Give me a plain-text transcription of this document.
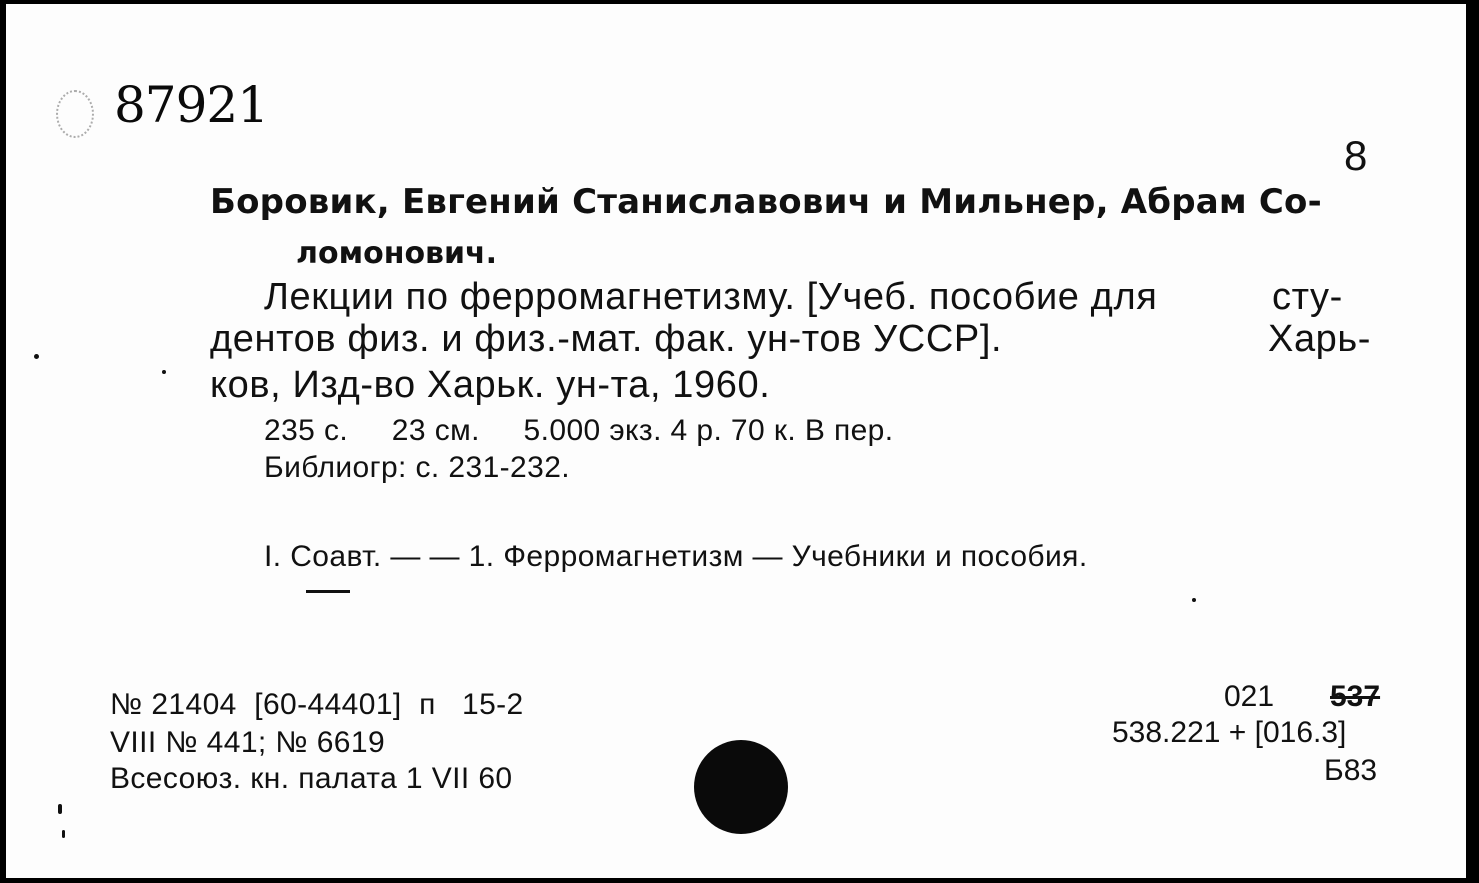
87921
8
Боровик, Евгений Станиславович и Мильнер, Абрам Со-
ломонович.
Лекции по ферромагнетизму. [Учеб. пособие для	сту-
дентов физ. и физ.-мат. фак. ун-тов УССР].	Харь-
ков, Изд-во Харьк. ун-та, 1960.
235 с.     23 см.     5.000 экз. 4 р. 70 к. В пер.
Библиогр: с. 231-232.
I. Соавт. — — 1. Ферромагнетизм — Учебники и пособия.
№ 21404  [60-44401]  п   15-2
VIII № 441; № 6619
Всесоюз. кн. палата 1 VII 60
021 537
538.221 + [016.3]
Б83
